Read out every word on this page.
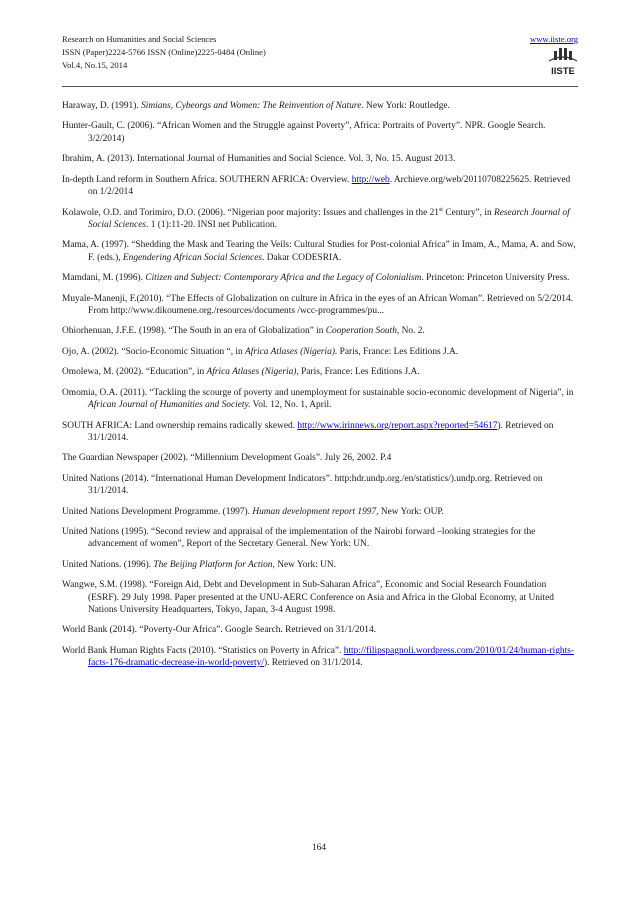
Research on Humanities and Social Sciences
ISSN (Paper)2224-5766 ISSN (Online)2225-0484 (Online)
Vol.4, No.15, 2014
www.iiste.org
IISTE

Haraway, D. (1991). Simians, Cybeorgs and Women: The Reinvention of Nature. New York: Routledge.

Hunter-Gault, C. (2006). “African Women and the Struggle against Poverty”, Africa: Portraits of Poverty”. NPR. Google Search. 3/2/2014)

Ibrahim, A. (2013). International Journal of Humanities and Social Science. Vol. 3, No. 15. August 2013.

In-depth Land reform in Southern Africa. SOUTHERN AFRICA: Overview. http://web. Archieve.org/web/20110708225625. Retrieved on 1/2/2014

Kolawole, O.D. and Torimiro, D.O. (2006). “Nigerian poor majority: Issues and challenges in the 21st Century”, in Research Journal of Social Sciences. 1 (1):11-20. INSI net Publication.

Mama, A. (1997). “Shedding the Mask and Tearing the Veils: Cultural Studies for Post-colonial Africa” in Imam, A., Mama, A. and Sow, F. (eds.), Engendering African Social Sciences. Dakar CODESRIA.

Mamdani, M. (1996). Citizen and Subject: Contemporary Africa and the Legacy of Colonialism. Princeton: Princeton University Press.

Muyale-Manenji, F.(2010). “The Effects of Globalization on culture in Africa in the eyes of an African Woman”. Retrieved on 5/2/2014. From http://www.dikoumene.org./resources/documents /wcc-programmes/pu...

Ohiorhenuan, J.F.E. (1998). “The South in an era of Globalization” in Cooperation South, No. 2.

Ojo, A. (2002). “Socio-Economic Situation “, in Africa Atlases (Nigeria). Paris, France: Les Editions J.A.

Omolewa, M. (2002). “Education”, in Africa Atlases (Nigeria), Paris, France: Les Editions J.A.

Omomia, O.A. (2011). “Tackling the scourge of poverty and unemployment for sustainable socio-economic development of Nigeria”, in African Journal of Humanities and Society. Vol. 12, No. 1, April.

SOUTH AFRICA: Land ownership remains radically skewed. http://www.irinnews.org/report.aspx?reported=54617). Retrieved on 31/1/2014.

The Guardian Newspaper (2002). “Millennium Development Goals”. July 26, 2002. P.4

United Nations (2014). “International Human Development Indicators”. http:hdr.undp.org./en/statistics/).undp.org. Retrieved on 31/1/2014.

United Nations Development Programme. (1997). Human development report 1997, New York: OUP.

United Nations (1995). “Second review and appraisal of the implementation of the Nairobi forward –looking strategies for the advancement of women”, Report of the Secretary General. New York: UN.

United Nations. (1996). The Beijing Platform for Action, New York: UN.

Wangwe, S.M. (1998). “Foreign Aid, Debt and Development in Sub-Saharan Africa”, Economic and Social Research Foundation (ESRF). 29 July 1998. Paper presented at the UNU-AERC Conference on Asia and Africa in the Global Economy, at United Nations University Headquarters, Tokyo, Japan, 3-4 August 1998.

World Bank (2014). “Poverty-Our Africa”. Google Search. Retrieved on 31/1/2014.

World Bank Human Rights Facts (2010). “Statistics on Poverty in Africa”. http://filipspagnoli.wordpress.com/2010/01/24/human-rights-facts-176-dramatic-decrease-in-world-poverty/). Retrieved on 31/1/2014.

164
